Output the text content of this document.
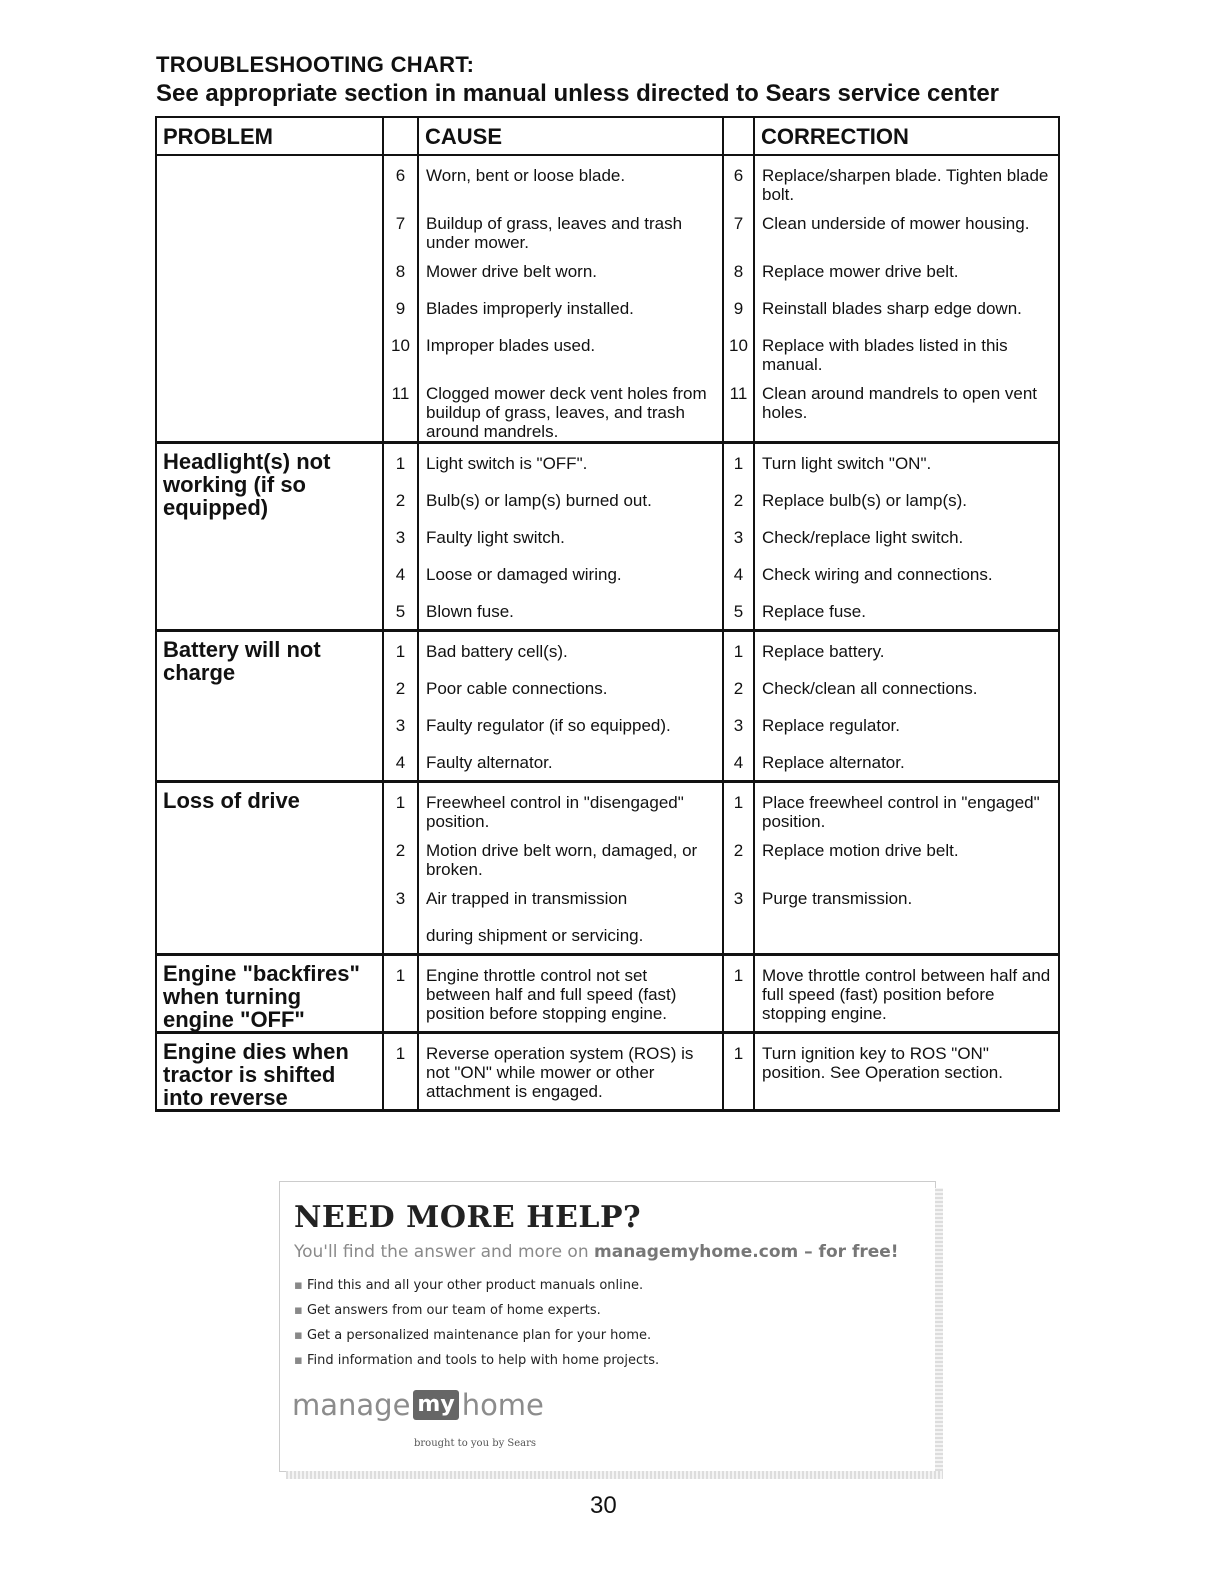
TROUBLESHOOTING CHART:
See appropriate section in manual unless directed to Sears service center
PROBLEM		CAUSE		CORRECTION
	6	Worn, bent or loose blade.	6	Replace/sharpen blade. Tighten blade bolt.
	7	Buildup of grass, leaves and trash under mower.	7	Clean underside of mower housing.
	8	Mower drive belt worn.	8	Replace mower drive belt.
	9	Blades improperly installed.	9	Reinstall blades sharp edge down.
	10	Improper blades used.	10	Replace with blades listed in this manual.
	11	Clogged mower deck vent holes from buildup of grass, leaves, and trash around mandrels.	11	Clean around mandrels to open vent holes.
Headlight(s) not working (if so equipped)	1	Light switch is "OFF".	1	Turn light switch "ON".
	2	Bulb(s) or lamp(s) burned out.	2	Replace bulb(s) or lamp(s).
	3	Faulty light switch.	3	Check/replace light switch.
	4	Loose or damaged wiring.	4	Check wiring and connections.
	5	Blown fuse.	5	Replace fuse.
Battery will not charge	1	Bad battery cell(s).	1	Replace battery.
	2	Poor cable connections.	2	Check/clean all connections.
	3	Faulty regulator (if so equipped).	3	Replace regulator.
	4	Faulty alternator.	4	Replace alternator.
Loss of drive	1	Freewheel control in "disengaged" position.	1	Place freewheel control in "engaged" position.
	2	Motion drive belt worn, damaged, or broken.	2	Replace motion drive belt.
	3	Air trapped in transmission	3	Purge transmission.
		during shipment or servicing.		
Engine "backfires" when turning engine "OFF"	1	Engine throttle control not set between half and full speed (fast) position before stopping engine.	1	Move throttle control between half and full speed (fast) position before stopping engine.
Engine dies when tractor is shifted into reverse	1	Reverse operation system (ROS) is not "ON" while mower or other attachment is engaged.	1	Turn ignition key to ROS "ON" position. See Operation section.
NEED MORE HELP?
You'll find the answer and more on managemyhome.com – for free!
▪ Find this and all your other product manuals online.
▪ Get answers from our team of home experts.
▪ Get a personalized maintenance plan for your home.
▪ Find information and tools to help with home projects.
manage my home
brought to you by Sears
30
